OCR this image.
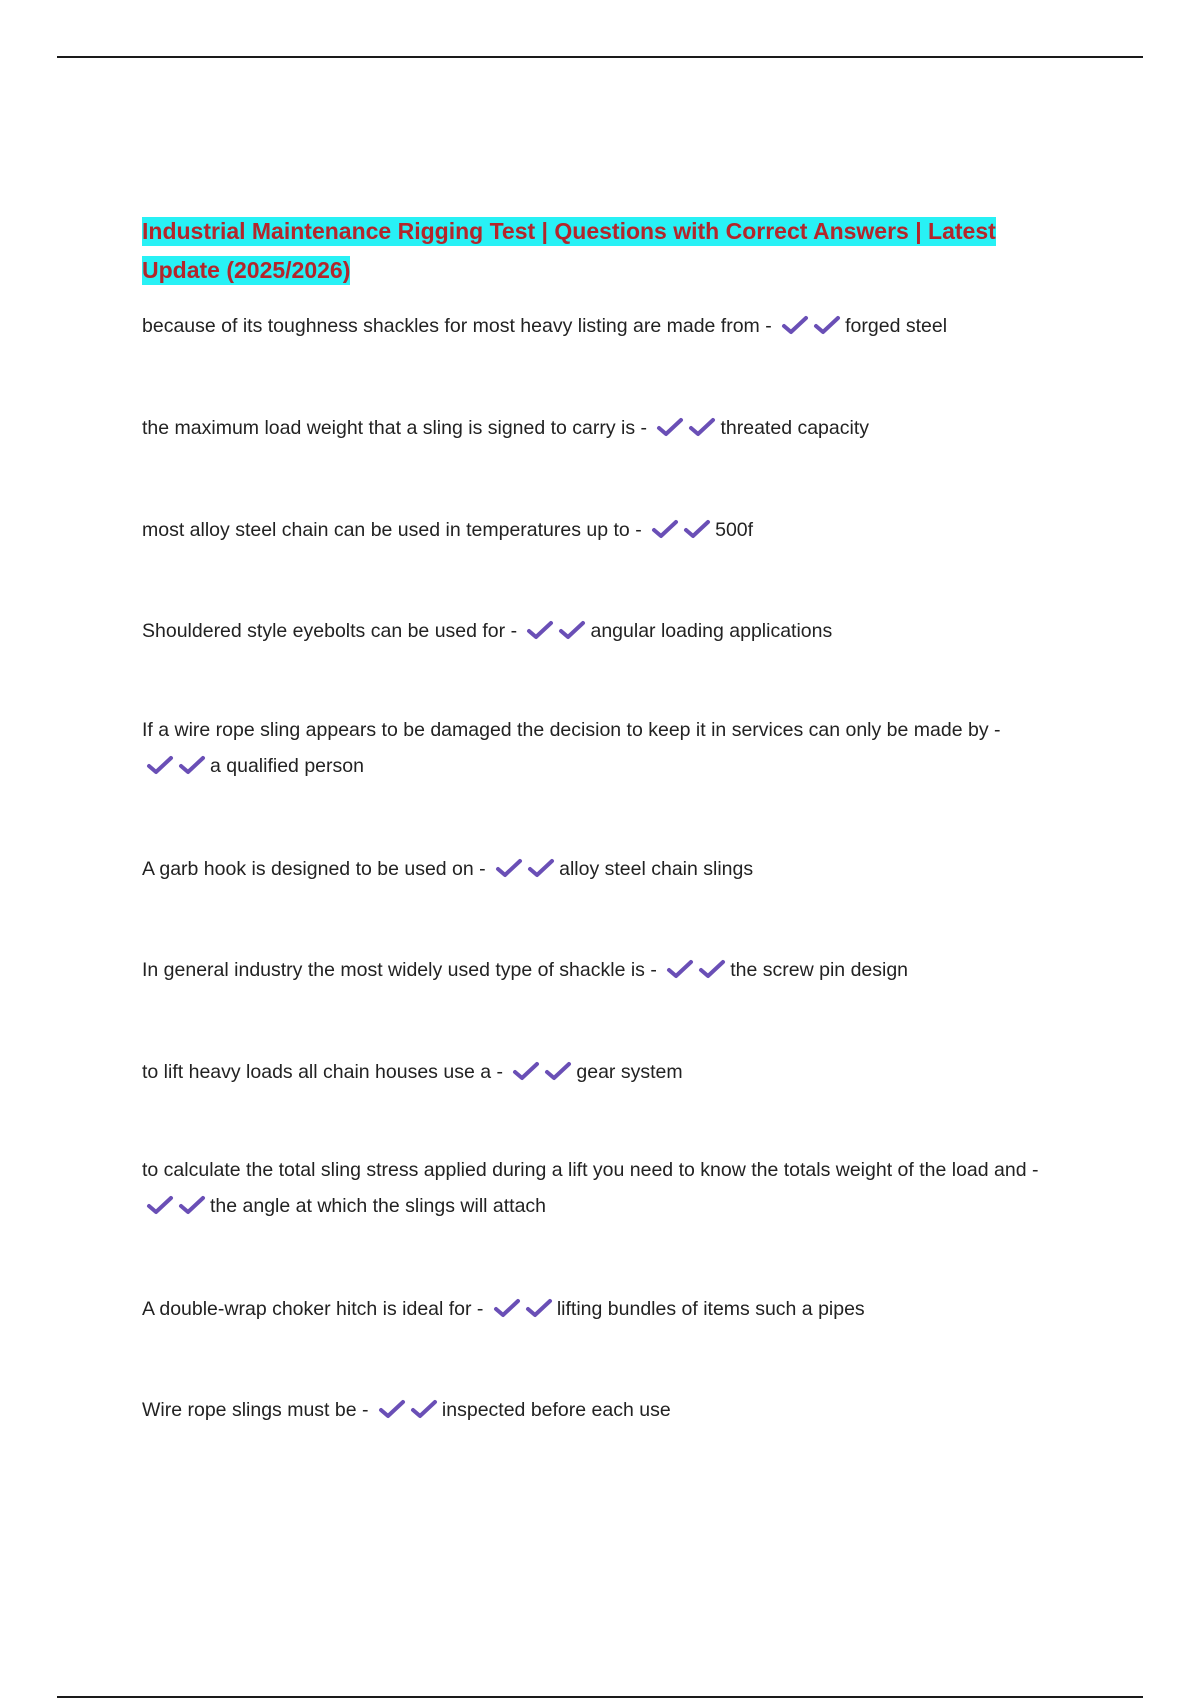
Industrial Maintenance Rigging Test | Questions with Correct Answers | Latest Update (2025/2026)

because of its toughness shackles for most heavy listing are made from -	forged steel

the maximum load weight that a sling is signed to carry is -	threated capacity

most alloy steel chain can be used in temperatures up to -	500f

Shouldered style eyebolts can be used for -	angular loading applications

If a wire rope sling appears to be damaged the decision to keep it in services can only be made by - a qualified person

A garb hook is designed to be used on -	alloy steel chain slings

In general industry the most widely used type of shackle is -	the screw pin design

to lift heavy loads all chain houses use a -	gear system

to calculate the total sling stress applied during a lift you need to know the totals weight of the load and - the angle at which the slings will attach

A double-wrap choker hitch is ideal for -	lifting bundles of items such a pipes

Wire rope slings must be -	inspected before each use
